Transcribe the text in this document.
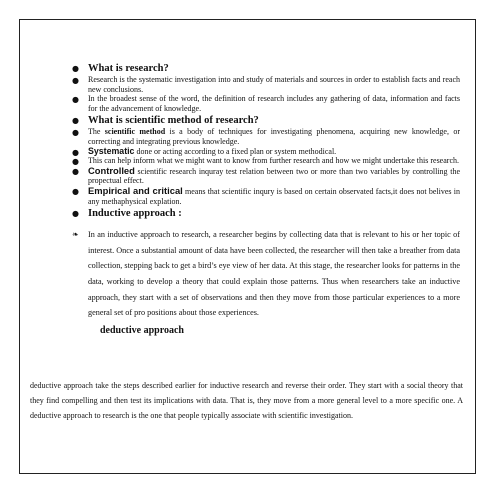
● What is research?
● Research is the systematic investigation into and study of materials and sources in order to establish facts and reach new conclusions.
● In the broadest sense of the word, the definition of research includes any gathering of data, information and facts for the advancement of knowledge.
● What is scientific method of research?
● The scientific method is a body of techniques for investigating phenomena, acquiring new knowledge, or correcting and integrating previous knowledge.
● Systematic done or acting according to a fixed plan or system methodical.
● This can help inform what we might want to know from further research and how we might undertake this research.
● Controlled scientific research inquray test relation between two or more than two variables by controlling the propectual effect.
● Empirical and critical means that scientific inqury is based on certain observated facts,it does not belives in any methaphysical explation.
● Inductive approach :
❧ In an inductive approach to research, a researcher begins by collecting data that is relevant to his or her topic of interest. Once a substantial amount of data have been collected, the researcher will then take a breather from data collection, stepping back to get a bird’s eye view of her data. At this stage, the researcher looks for patterns in the data, working to develop a theory that could explain those patterns. Thus when researchers take an inductive approach, they start with a set of observations and then they move from those particular experiences to a more general set of pro positions about those experiences.
deductive approach
deductive approach take the steps described earlier for inductive research and reverse their order. They start with a social theory that they find compelling and then test its implications with data. That is, they move from a more general level to a more specific one. A deductive approach to research is the one that people typically associate with scientific investigation.
